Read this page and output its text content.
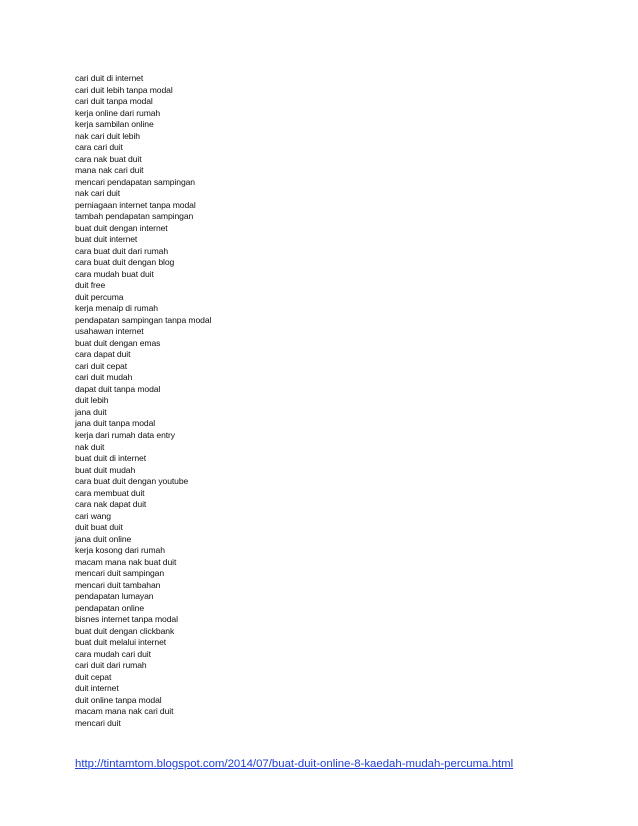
cari duit di internet
cari duit lebih tanpa modal
cari duit tanpa modal
kerja online dari rumah
kerja sambilan online
nak cari duit lebih
cara cari duit
cara nak buat duit
mana nak cari duit
mencari pendapatan sampingan
nak cari duit
perniagaan internet tanpa modal
tambah pendapatan sampingan
buat duit dengan internet
buat duit internet
cara buat duit dari rumah
cara buat duit dengan blog
cara mudah buat duit
duit free
duit percuma
kerja menaip di rumah
pendapatan sampingan tanpa modal
usahawan internet
buat duit dengan emas
cara dapat duit
cari duit cepat
cari duit mudah
dapat duit tanpa modal
duit lebih
jana duit
jana duit tanpa modal
kerja dari rumah data entry
nak duit
buat duit di internet
buat duit mudah
cara buat duit dengan youtube
cara membuat duit
cara nak dapat duit
cari wang
duit buat duit
jana duit online
kerja kosong dari rumah
macam mana nak buat duit
mencari duit sampingan
mencari duit tambahan
pendapatan lumayan
pendapatan online
bisnes internet tanpa modal
buat duit dengan clickbank
buat duit melalui internet
cara mudah cari duit
cari duit dari rumah
duit cepat
duit internet
duit online tanpa modal
macam mana nak cari duit
mencari duit
http://tintamtom.blogspot.com/2014/07/buat-duit-online-8-kaedah-mudah-percuma.html
